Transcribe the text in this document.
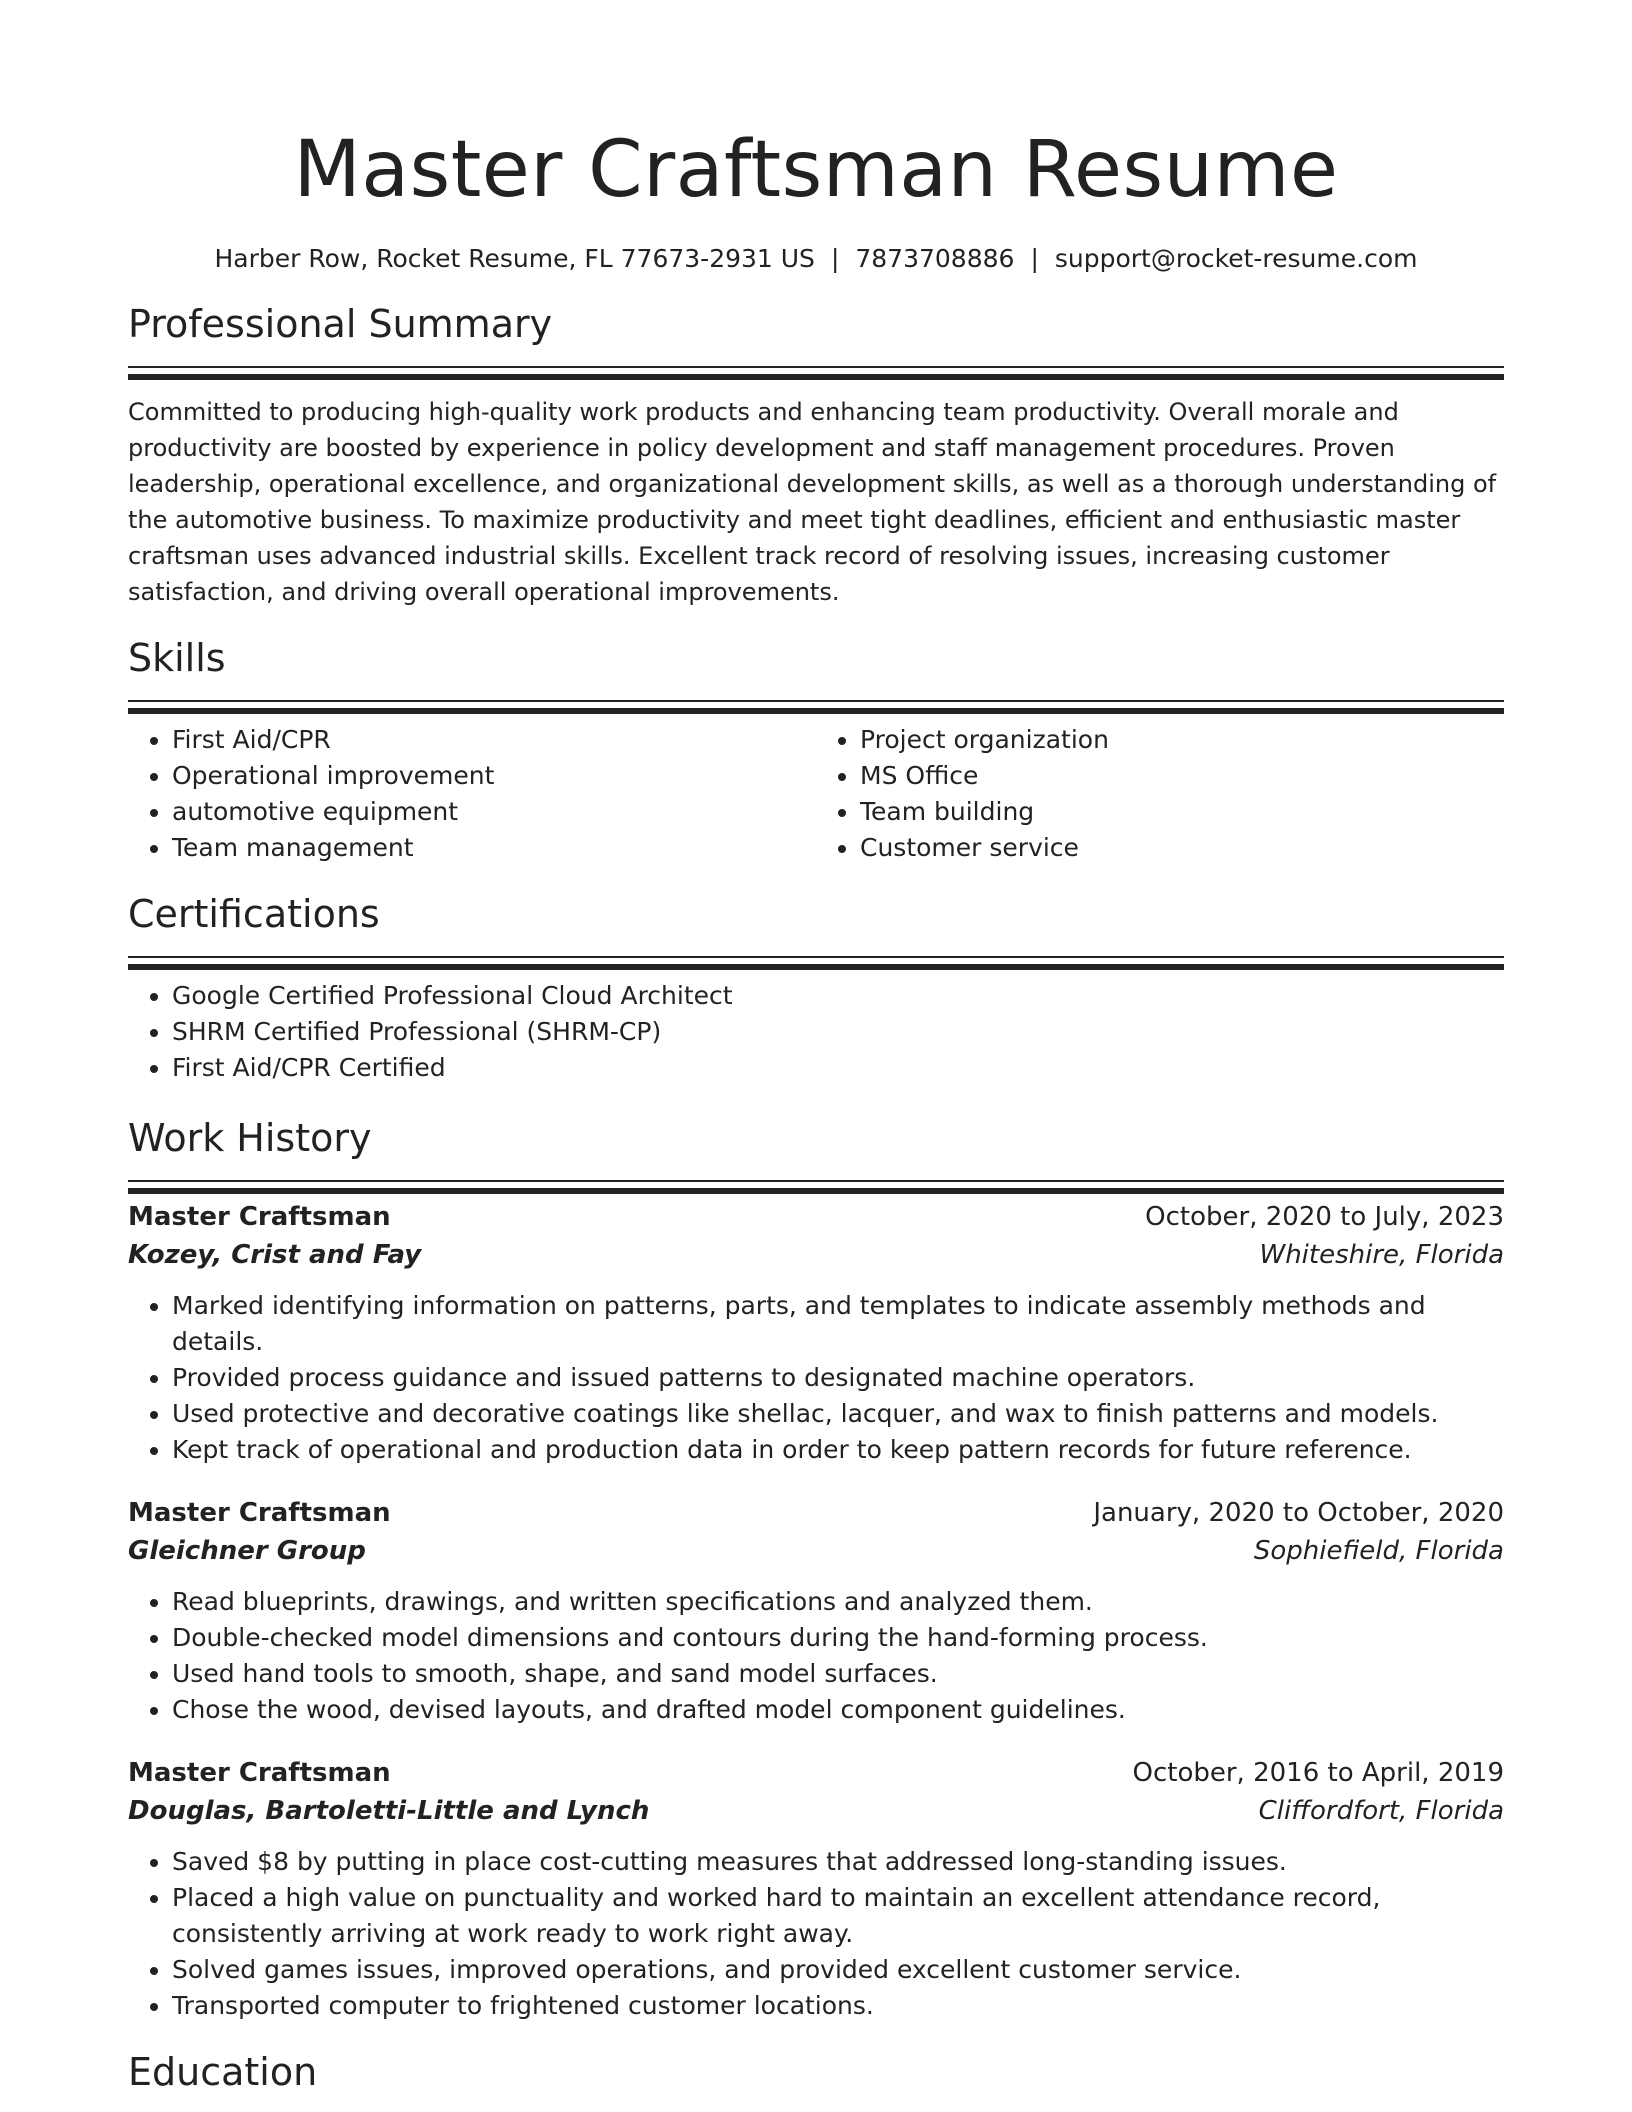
Master Craftsman Resume
Harber Row, Rocket Resume, FL 77673-2931 US | 7873708886 | support@rocket-resume.com
Professional Summary

Committed to producing high-quality work products and enhancing team productivity. Overall morale and productivity are boosted by experience in policy development and staff management procedures. Proven leadership, operational excellence, and organizational development skills, as well as a thorough understanding of the automotive business. To maximize productivity and meet tight deadlines, efficient and enthusiastic master craftsman uses advanced industrial skills. Excellent track record of resolving issues, increasing customer satisfaction, and driving overall operational improvements.

Skills
• First Aid/CPR
• Operational improvement
• automotive equipment
• Team management
• Project organization
• MS Office
• Team building
• Customer service
Certifications
• Google Certified Professional Cloud Architect
• SHRM Certified Professional (SHRM-CP)
• First Aid/CPR Certified
Work History
Master Craftsman	October, 2020 to July, 2023
Kozey, Crist and Fay	Whiteshire, Florida
• Marked identifying information on patterns, parts, and templates to indicate assembly methods and details.
• Provided process guidance and issued patterns to designated machine operators.
• Used protective and decorative coatings like shellac, lacquer, and wax to finish patterns and models.
• Kept track of operational and production data in order to keep pattern records for future reference.
Master Craftsman	January, 2020 to October, 2020
Gleichner Group	Sophiefield, Florida
• Read blueprints, drawings, and written specifications and analyzed them.
• Double-checked model dimensions and contours during the hand-forming process.
• Used hand tools to smooth, shape, and sand model surfaces.
• Chose the wood, devised layouts, and drafted model component guidelines.
Master Craftsman	October, 2016 to April, 2019
Douglas, Bartoletti-Little and Lynch	Cliffordfort, Florida
• Saved $8 by putting in place cost-cutting measures that addressed long-standing issues.
• Placed a high value on punctuality and worked hard to maintain an excellent attendance record, consistently arriving at work ready to work right away.
• Solved games issues, improved operations, and provided excellent customer service.
• Transported computer to frightened customer locations.
Education
